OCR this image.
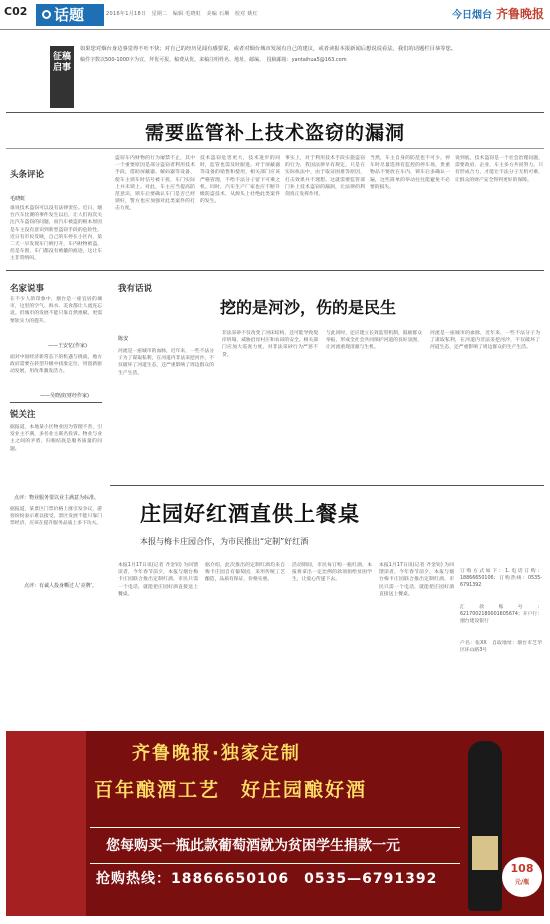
C02	话题	2016年1月18日　星期二　编辑 毛晓虹　美编 石琳　校对 姚红	今日烟台 齐鲁晚报
征稿启事
如果您对烟台身边事觉得不吐不快；对自己的经历见闻有感要说，或者对烟台城市发展有自己的建议，或者读报本报新闻后想说说看法，我们的话题栏目恭等您。
稿件字数以500-1000字为宜，拜优可报，稿费从优。来稿注明姓名、地址、邮编。　投稿邮箱：yantaihua5@163.com
需要监管补上技术盗窃的漏洞
头条评论
毛晓虹
谁说技术盗窃可以没有法律责任。近日，烟台汽车比赛的事件发生以后，让人们再次关注汽车盗窃的问题，而汽车被盗的根本原因是车主没有意识到新型盗窃手段的危险性。近日有市民反映，自己的车停在小区内，第二天一早发现车门被打开，车内财物被盗，但是车窗、车门都没有被撬的痕迹，这让车主非常纳闷。
盗窃车内财物的行为屡禁不止，其中一个重要原因是部分盗窃者利用技术手段，借助屏蔽器、解码器等设备，使车主锁车时信号被干扰，车门实际上并未锁上。对此，车主应当提高防范意识，锁车后要确认车门是否已经锁好，警方也应加强对此类案件的打击力度。
技术盗窃危害更大，技术进步的同时，监管也需及时跟进。对于屏蔽器等设备的销售和使用，相关部门应该严格管理，不给不法分子留下可乘之机。同时，汽车生产厂家也应不断升级防盗技术，从源头上杜绝此类案件的发生。
事实上，对于利用技术手段实施盗窃的行为，我国法律早有规定，只是在实际执法中，由于取证困难等原因，打击效果并不理想。这就需要监管部门补上技术盗窃的漏洞，让法律的利剑真正发挥作用。
当然，车主自身的防范也不可少。停车时尽量选择有监控的停车场，贵重物品不要放在车内，锁车后多确认一遍，这些简单的举动往往能避免不必要的损失。
说到底，技术盗窃是一个社会治理问题，需要政府、企业、车主多方共同努力。只有形成合力，才能让不法分子无机可乘，让群众的财产安全得到更好的保障。
名家说事
在不少人的印象中，烟台是一座宜居的城市，这里的空气、海水、美食都让人流连忘返。但城市的发展不能只靠自然禀赋，更需要软实力的提升。
——王安忆(作家)
面对中国经济新常态下的机遇与挑战，地方政府需要在转型升级中找准定位，用创新驱动发展，用改革激发活力。
——吴晓波(财经作家)
锐关注
据报道，本地某小区物业因为管理不善，引发业主不满，多名业主联名投诉。物业与业主之间的矛盾，归根结底是服务质量的问题。
点评：物业服务要以业主满意为标准。
据报道，某景区门票价格上涨引发争议，游客纷纷表示难以接受。景区发展不能只靠门票经济，应该在提升服务品质上多下功夫。
点评：有诚人投身嘶过人‘亮牌’。
我有话说
挖的是河沙，伤的是民生
陈安
河流是一座城市的血脉，近年来，一些不法分子为了谋取私利，在河道内非法采挖河沙，不仅破坏了河道生态，还严重影响了周边群众的生产生活。
非法采砂不仅改变了河床结构，还可能导致堤岸坍塌，威胁沿岸村庄和农田的安全。相关部门应加大巡查力度，对非法采砂行为严惩不贷。
与此同时，还应建立长效监管机制，鼓励群众举报，形成全社会共同保护河道的良好氛围，让河流重现清澈与生机。
河流是一座城市的血脉，近年来，一些不法分子为了谋取私利，在河道内非法采挖河沙，不仅破坏了河道生态，还严重影响了周边群众的生产生活。
庄园好红酒直供上餐桌
本报与梅卡庄园合作，为市民推出“定制”好红酒
本报1月17日讯(记者 齐金钊) 为回馈读者，今年春节前夕，本报与烟台梅卡庄园联合推出定制红酒，市民只需一个电话，就能把庄园好酒直接送上餐桌。
据介绍，此次推出的定制红酒均来自梅卡庄园自有葡萄园，采用传统工艺酿造，品质有保证，价格实惠。
活动期间，市民每订购一瓶红酒，本报将拿出一定比例的款项捐给贫困学生，让爱心传递下去。
本报1月17日讯(记者 齐金钊) 为回馈读者，今年春节前夕，本报与烟台梅卡庄园联合推出定制红酒，市民只需一个电话，就能把庄园好酒直接送上餐桌。
订购方式如下：1.电话订购：18866650106；订购热线：0535-6791392
汇款账号：6217002180001605674；开户行：烟台建设银行
户名：张XX　自取地址：烟台市芝罘区环山路3号
齐鲁晚报·独家定制
百年酿酒工艺　好庄园酿好酒
您每购买一瓶此款葡萄酒就为贫困学生捐款一元
抢购热线：18866650106　0535—6791392
108
元/瓶
